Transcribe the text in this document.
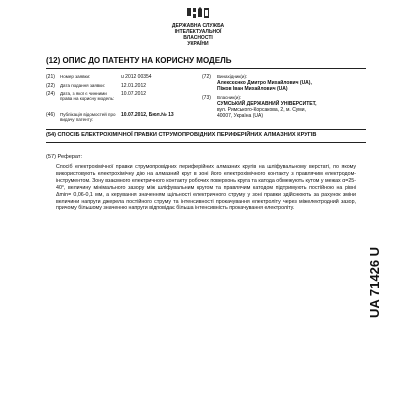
ДЕРЖАВНА СЛУЖБА
ІНТЕЛЕКТУАЛЬНОЇ
ВЛАСНОСТІ
УКРАЇНИ
(12) ОПИС ДО ПАТЕНТУ НА КОРИСНУ МОДЕЛЬ
(21) Номер заявки:	u 2012 00354
(22) Дата подання заявки:	12.01.2012
(24) Дата, з якої є чинними права на корисну модель:
10.07.2012
(46) Публікація відомостей про видачу патенту:
10.07.2012, Бюл.№ 13
(72) Винахідник(и):
Алексєєнко Дмитро Михайлович (UA),
Піжов Іван Михайлович (UA)
(73) Власник(и):
СУМСЬКИЙ ДЕРЖАВНИЙ УНІВЕРСИТЕТ,
вул. Римського-Корсакова, 2, м. Суми,
40007, Україна (UA)
(54) СПОСІБ ЕЛЕКТРОХІМІЧНОЇ ПРАВКИ СТРУМОПРОВІДНИХ ПЕРИФЕРІЙНИХ АЛМАЗНИХ КРУГІВ
(57) Реферат:
Спосіб електрохімічної правки струмопровідних периферійних алмазних кругів на шліфувальному верстаті, по якому використовують електрохімічну дію на алмазний круг в зоні його електрохімічного контакту з правлячим електродом-інструментом. Зону взаємного електричного контакту робочих поверхонь круга та катода обмежують кутом у межах α=25-40°, величину мінімального зазору між шліфувальним кругом та правлячим катодом підтримують постійною на рівні Δmin= 0,06-0,1 мм, а керування значенням щільності електричного струму у зоні правки здійснюють за рахунок зміни величини напруги джерела постійного струму та інтенсивності прокачування електроліту через міжелектродний зазор, причому більшому значенню напруги відповідає більша інтенсивність прокачування електроліту.
UA 71426 U
